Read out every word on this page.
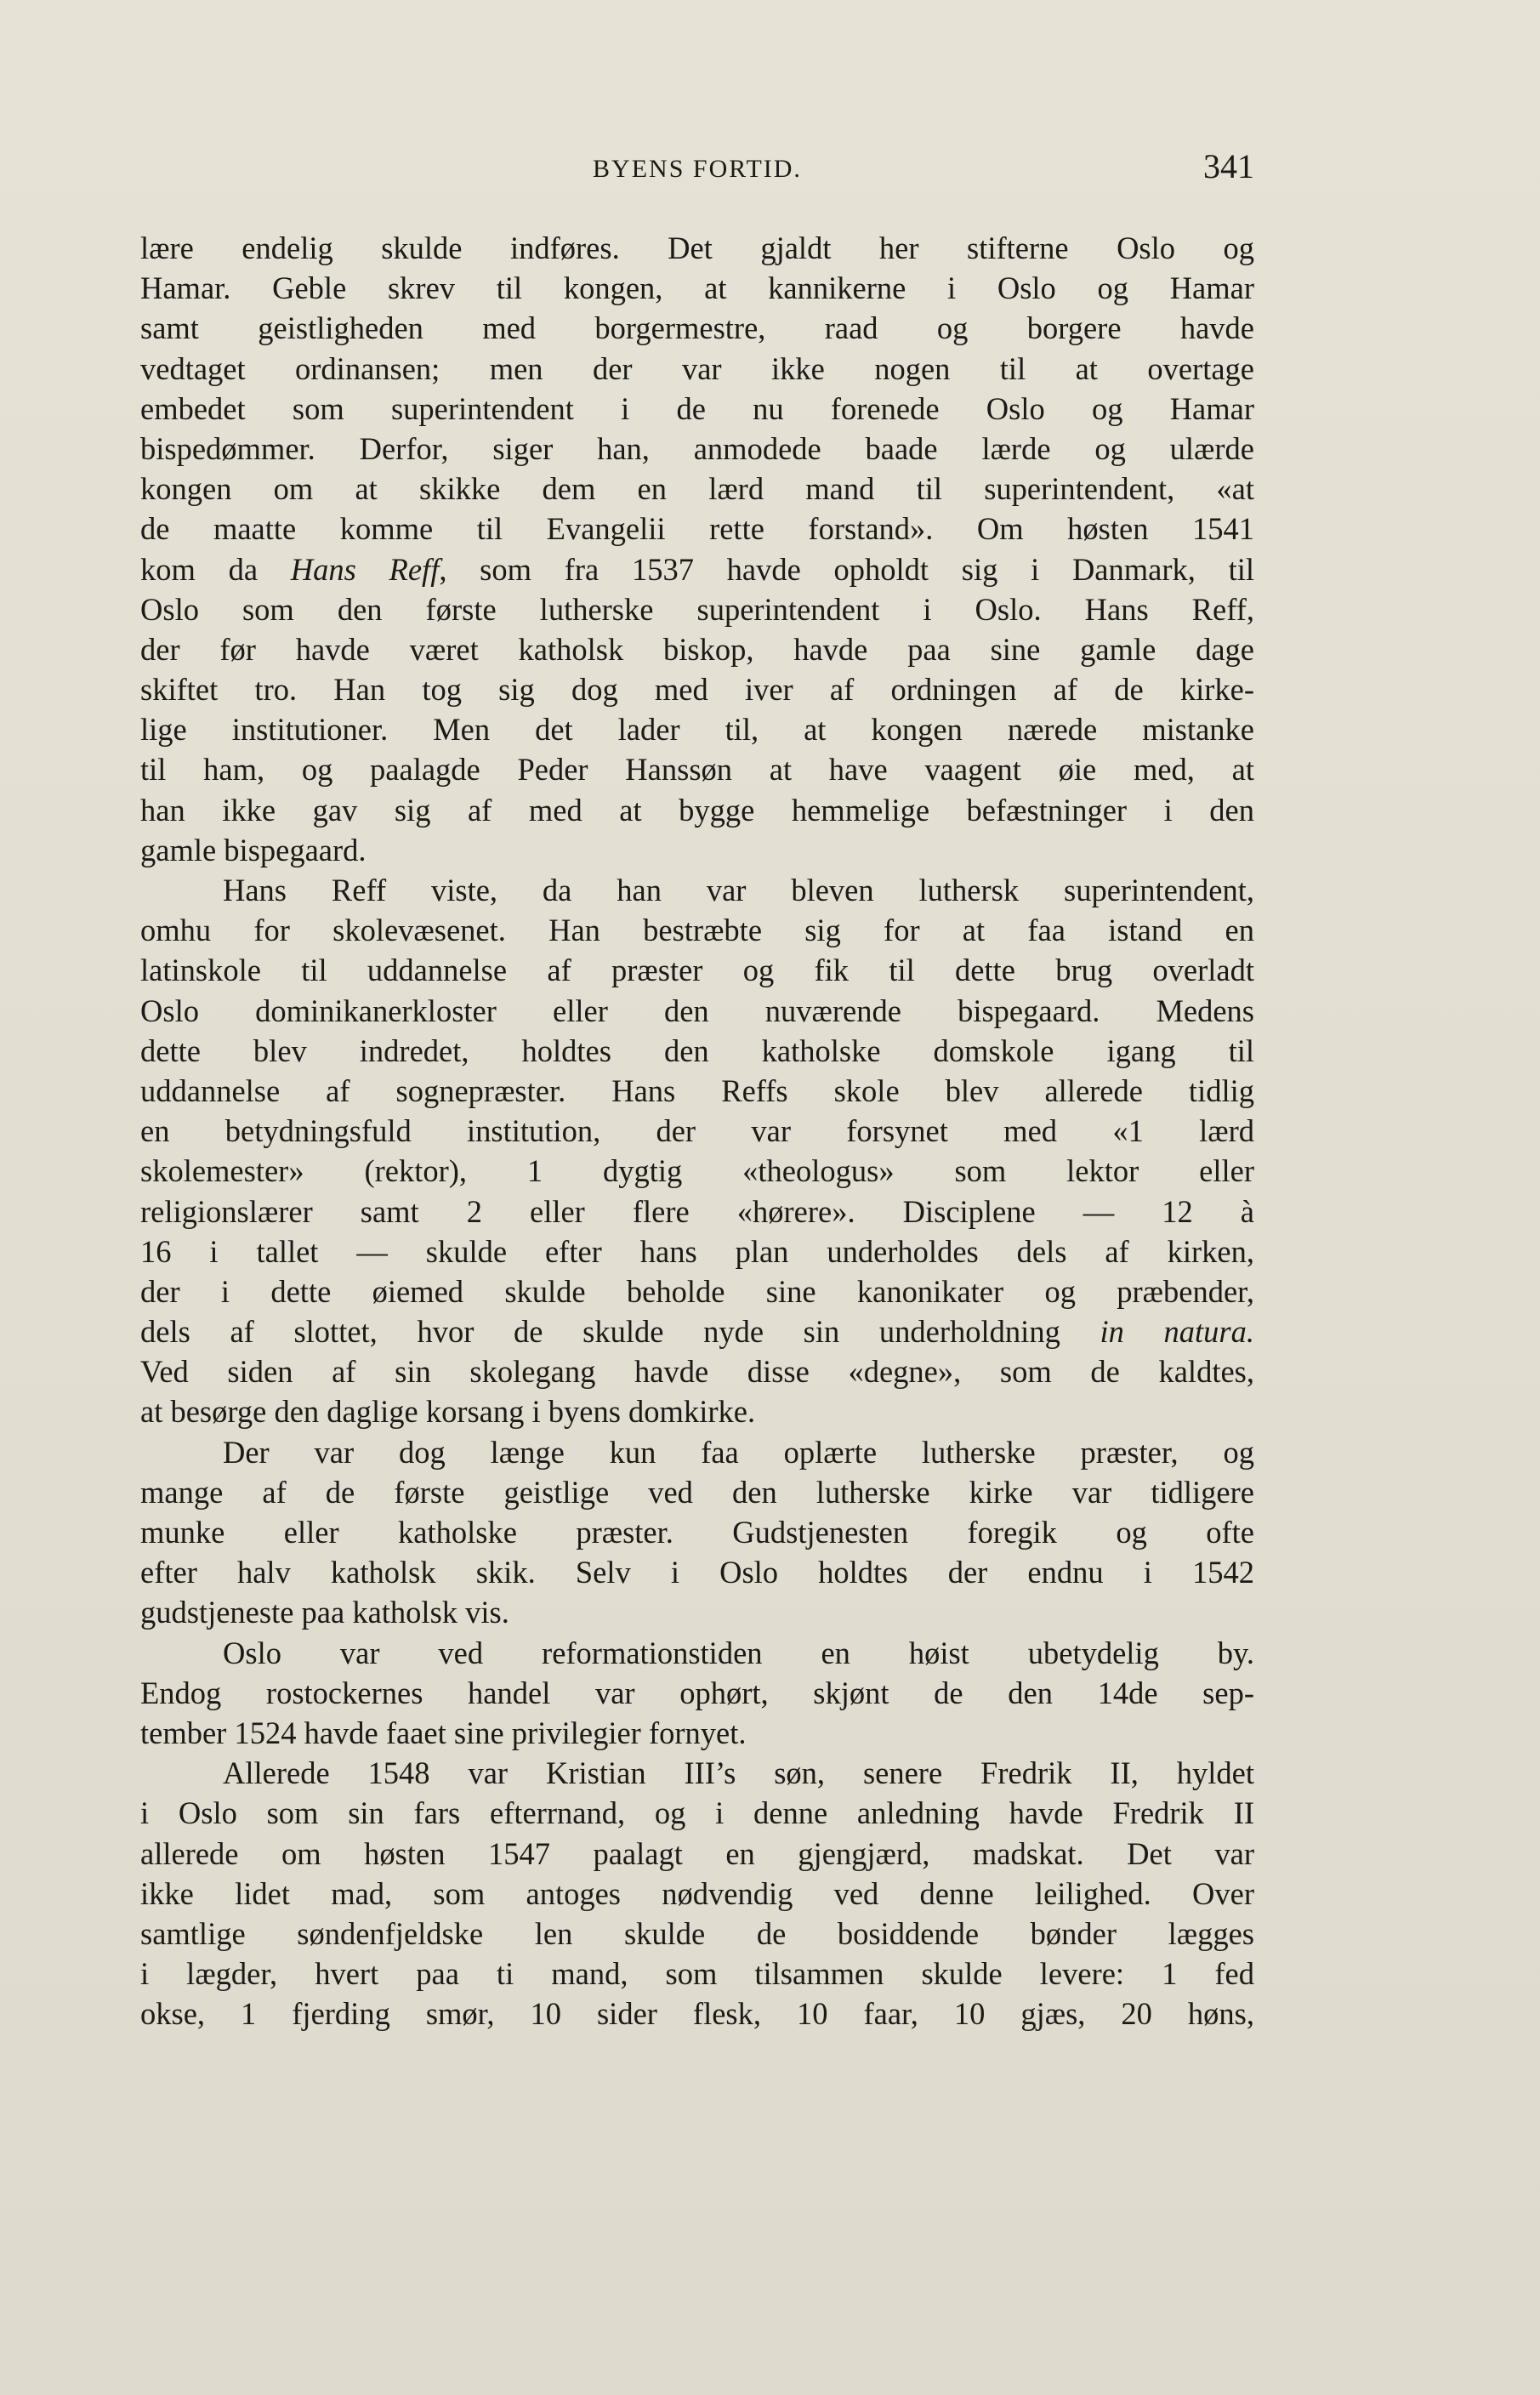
BYENS FORTID.	341
lære endelig skulde indføres. Det gjaldt her stifterne Oslo og
Hamar. Geble skrev til kongen, at kannikerne i Oslo og Hamar
samt geistligheden med borgermestre, raad og borgere havde
vedtaget ordinansen; men der var ikke nogen til at overtage
embedet som superintendent i de nu forenede Oslo og Hamar
bispedømmer. Derfor, siger han, anmodede baade lærde og ulærde
kongen om at skikke dem en lærd mand til superintendent, «at
de maatte komme til Evangelii rette forstand». Om høsten 1541
kom da Hans Reff, som fra 1537 havde opholdt sig i Danmark, til
Oslo som den første lutherske superintendent i Oslo. Hans Reff,
der før havde været katholsk biskop, havde paa sine gamle dage
skiftet tro. Han tog sig dog med iver af ordningen af de kirke-
lige institutioner. Men det lader til, at kongen nærede mistanke
til ham, og paalagde Peder Hanssøn at have vaagent øie med, at
han ikke gav sig af med at bygge hemmelige befæstninger i den
gamle bispegaard.
Hans Reff viste, da han var bleven luthersk superintendent,
omhu for skolevæsenet. Han bestræbte sig for at faa istand en
latinskole til uddannelse af præster og fik til dette brug overladt
Oslo dominikanerkloster eller den nuværende bispegaard. Medens
dette blev indredet, holdtes den katholske domskole igang til
uddannelse af sognepræster. Hans Reffs skole blev allerede tidlig
en betydningsfuld institution, der var forsynet med «1 lærd
skolemester» (rektor), 1 dygtig «theologus» som lektor eller
religionslærer samt 2 eller flere «hørere». Disciplene — 12 à
16 i tallet — skulde efter hans plan underholdes dels af kirken,
der i dette øiemed skulde beholde sine kanonikater og præbender,
dels af slottet, hvor de skulde nyde sin underholdning in natura.
Ved siden af sin skolegang havde disse «degne», som de kaldtes,
at besørge den daglige korsang i byens domkirke.
Der var dog længe kun faa oplærte lutherske præster, og
mange af de første geistlige ved den lutherske kirke var tidligere
munke eller katholske præster. Gudstjenesten foregik og ofte
efter halv katholsk skik. Selv i Oslo holdtes der endnu i 1542
gudstjeneste paa katholsk vis.
Oslo var ved reformationstiden en høist ubetydelig by.
Endog rostockernes handel var ophørt, skjønt de den 14de sep-
tember 1524 havde faaet sine privilegier fornyet.
Allerede 1548 var Kristian III’s søn, senere Fredrik II, hyldet
i Oslo som sin fars efterrnand, og i denne anledning havde Fredrik II
allerede om høsten 1547 paalagt en gjengjærd, madskat. Det var
ikke lidet mad, som antoges nødvendig ved denne leilighed. Over
samtlige søndenfjeldske len skulde de bosiddende bønder lægges
i lægder, hvert paa ti mand, som tilsammen skulde levere: 1 fed
okse, 1 fjerding smør, 10 sider flesk, 10 faar, 10 gjæs, 20 høns,
